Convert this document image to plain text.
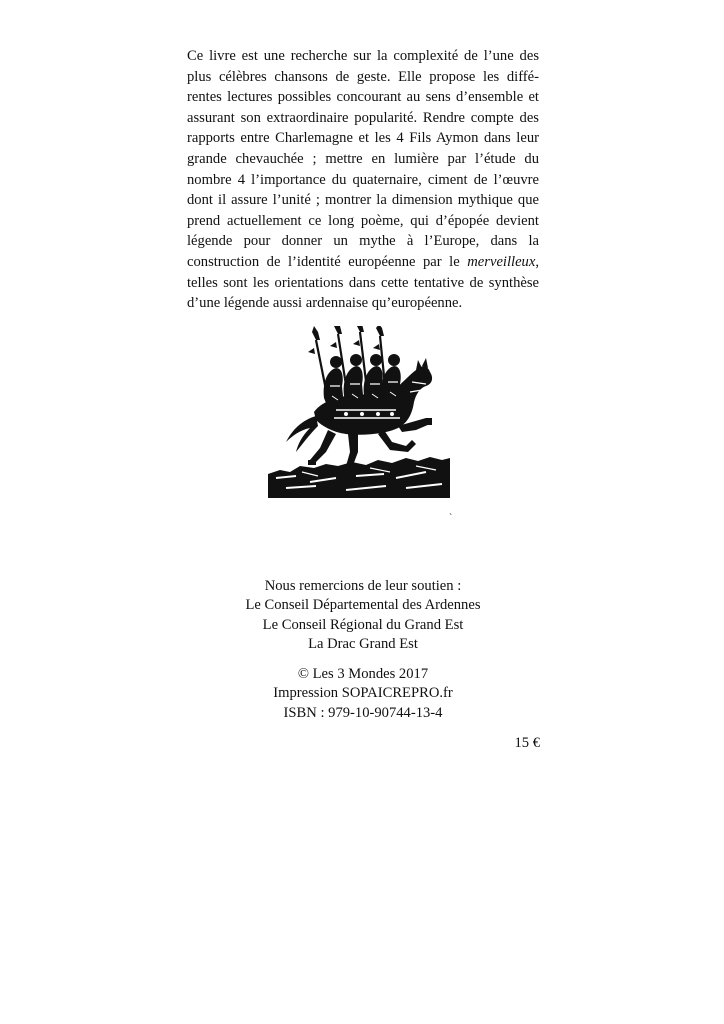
Ce livre est une recherche sur la complexité de l’une des
plus célèbres chansons de geste. Elle propose les diffé-
rentes lectures possibles concourant au sens d’ensemble et
assurant son extraordinaire popularité. Rendre compte des
rapports entre Charlemagne et les 4 Fils Aymon dans leur
grande chevauchée ; mettre en lumière par l’étude du
nombre 4 l’importance du quaternaire, ciment de l’œuvre
dont il assure l’unité ; montrer la dimension mythique que
prend actuellement ce long poème, qui d’épopée devient
légende pour donner un mythe à l’Europe, dans la
construction de l’identité européenne par le merveilleux,
telles sont les orientations dans cette tentative de synthèse
d’une légende aussi ardennaise qu’européenne.
`
Nous remercions de leur soutien :
Le Conseil Départemental des Ardennes
Le Conseil Régional du Grand Est
La Drac Grand Est
© Les 3 Mondes 2017
Impression SOPAICREPRO.fr
ISBN : 979-10-90744-13-4
15 €
